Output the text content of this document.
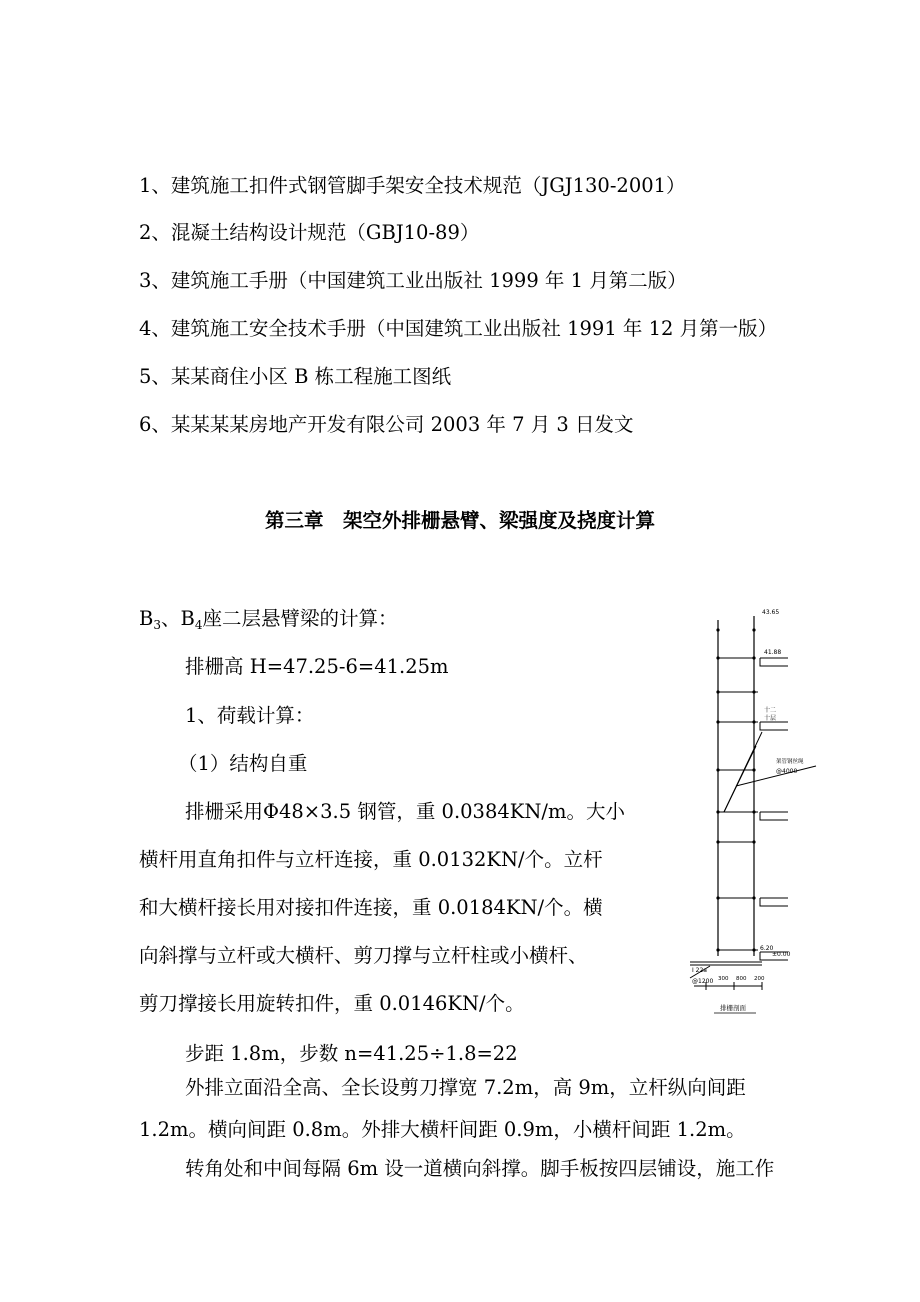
1、建筑施工扣件式钢管脚手架安全技术规范（JGJ130-2001）
2、混凝土结构设计规范（GBJ10-89）
3、建筑施工手册（中国建筑工业出版社 1999 年 1 月第二版）
4、建筑施工安全技术手册（中国建筑工业出版社 1991 年 12 月第一版）
5、某某商住小区 B 栋工程施工图纸
6、某某某某房地产开发有限公司 2003 年 7 月 3 日发文
第三章　架空外排栅悬臂、梁强度及挠度计算
$B_3$、$B_4$座二层悬臂梁的计算：
排栅高 H=47.25-6=41.25m
1、荷载计算：
（1）结构自重
排栅采用Φ48×3.5 钢管，重 0.0384KN/m。大小
横杆用直角扣件与立杆连接，重 0.0132KN/个。立杆
和大横杆接长用对接扣件连接，重 0.0184KN/个。横
向斜撑与立杆或大横杆、剪刀撑与立杆柱或小横杆、
剪刀撑接长用旋转扣件，重 0.0146KN/个。
步距 1.8m，步数 n=41.25÷1.8=22
外排立面沿全高、全长设剪刀撑宽 7.2m，高 9m，立杆纵向间距
1.2m。横向间距 0.8m。外排大横杆间距 0.9m，小横杆间距 1.2m。
转角处和中间每隔 6m 设一道横向斜撑。脚手板按四层铺设，施工作
43.65
41.88
十二
十层
架管钢丝绳
@4000
6.20
±0.00
I 22a
@1200 300 800 200
排栅剖面
